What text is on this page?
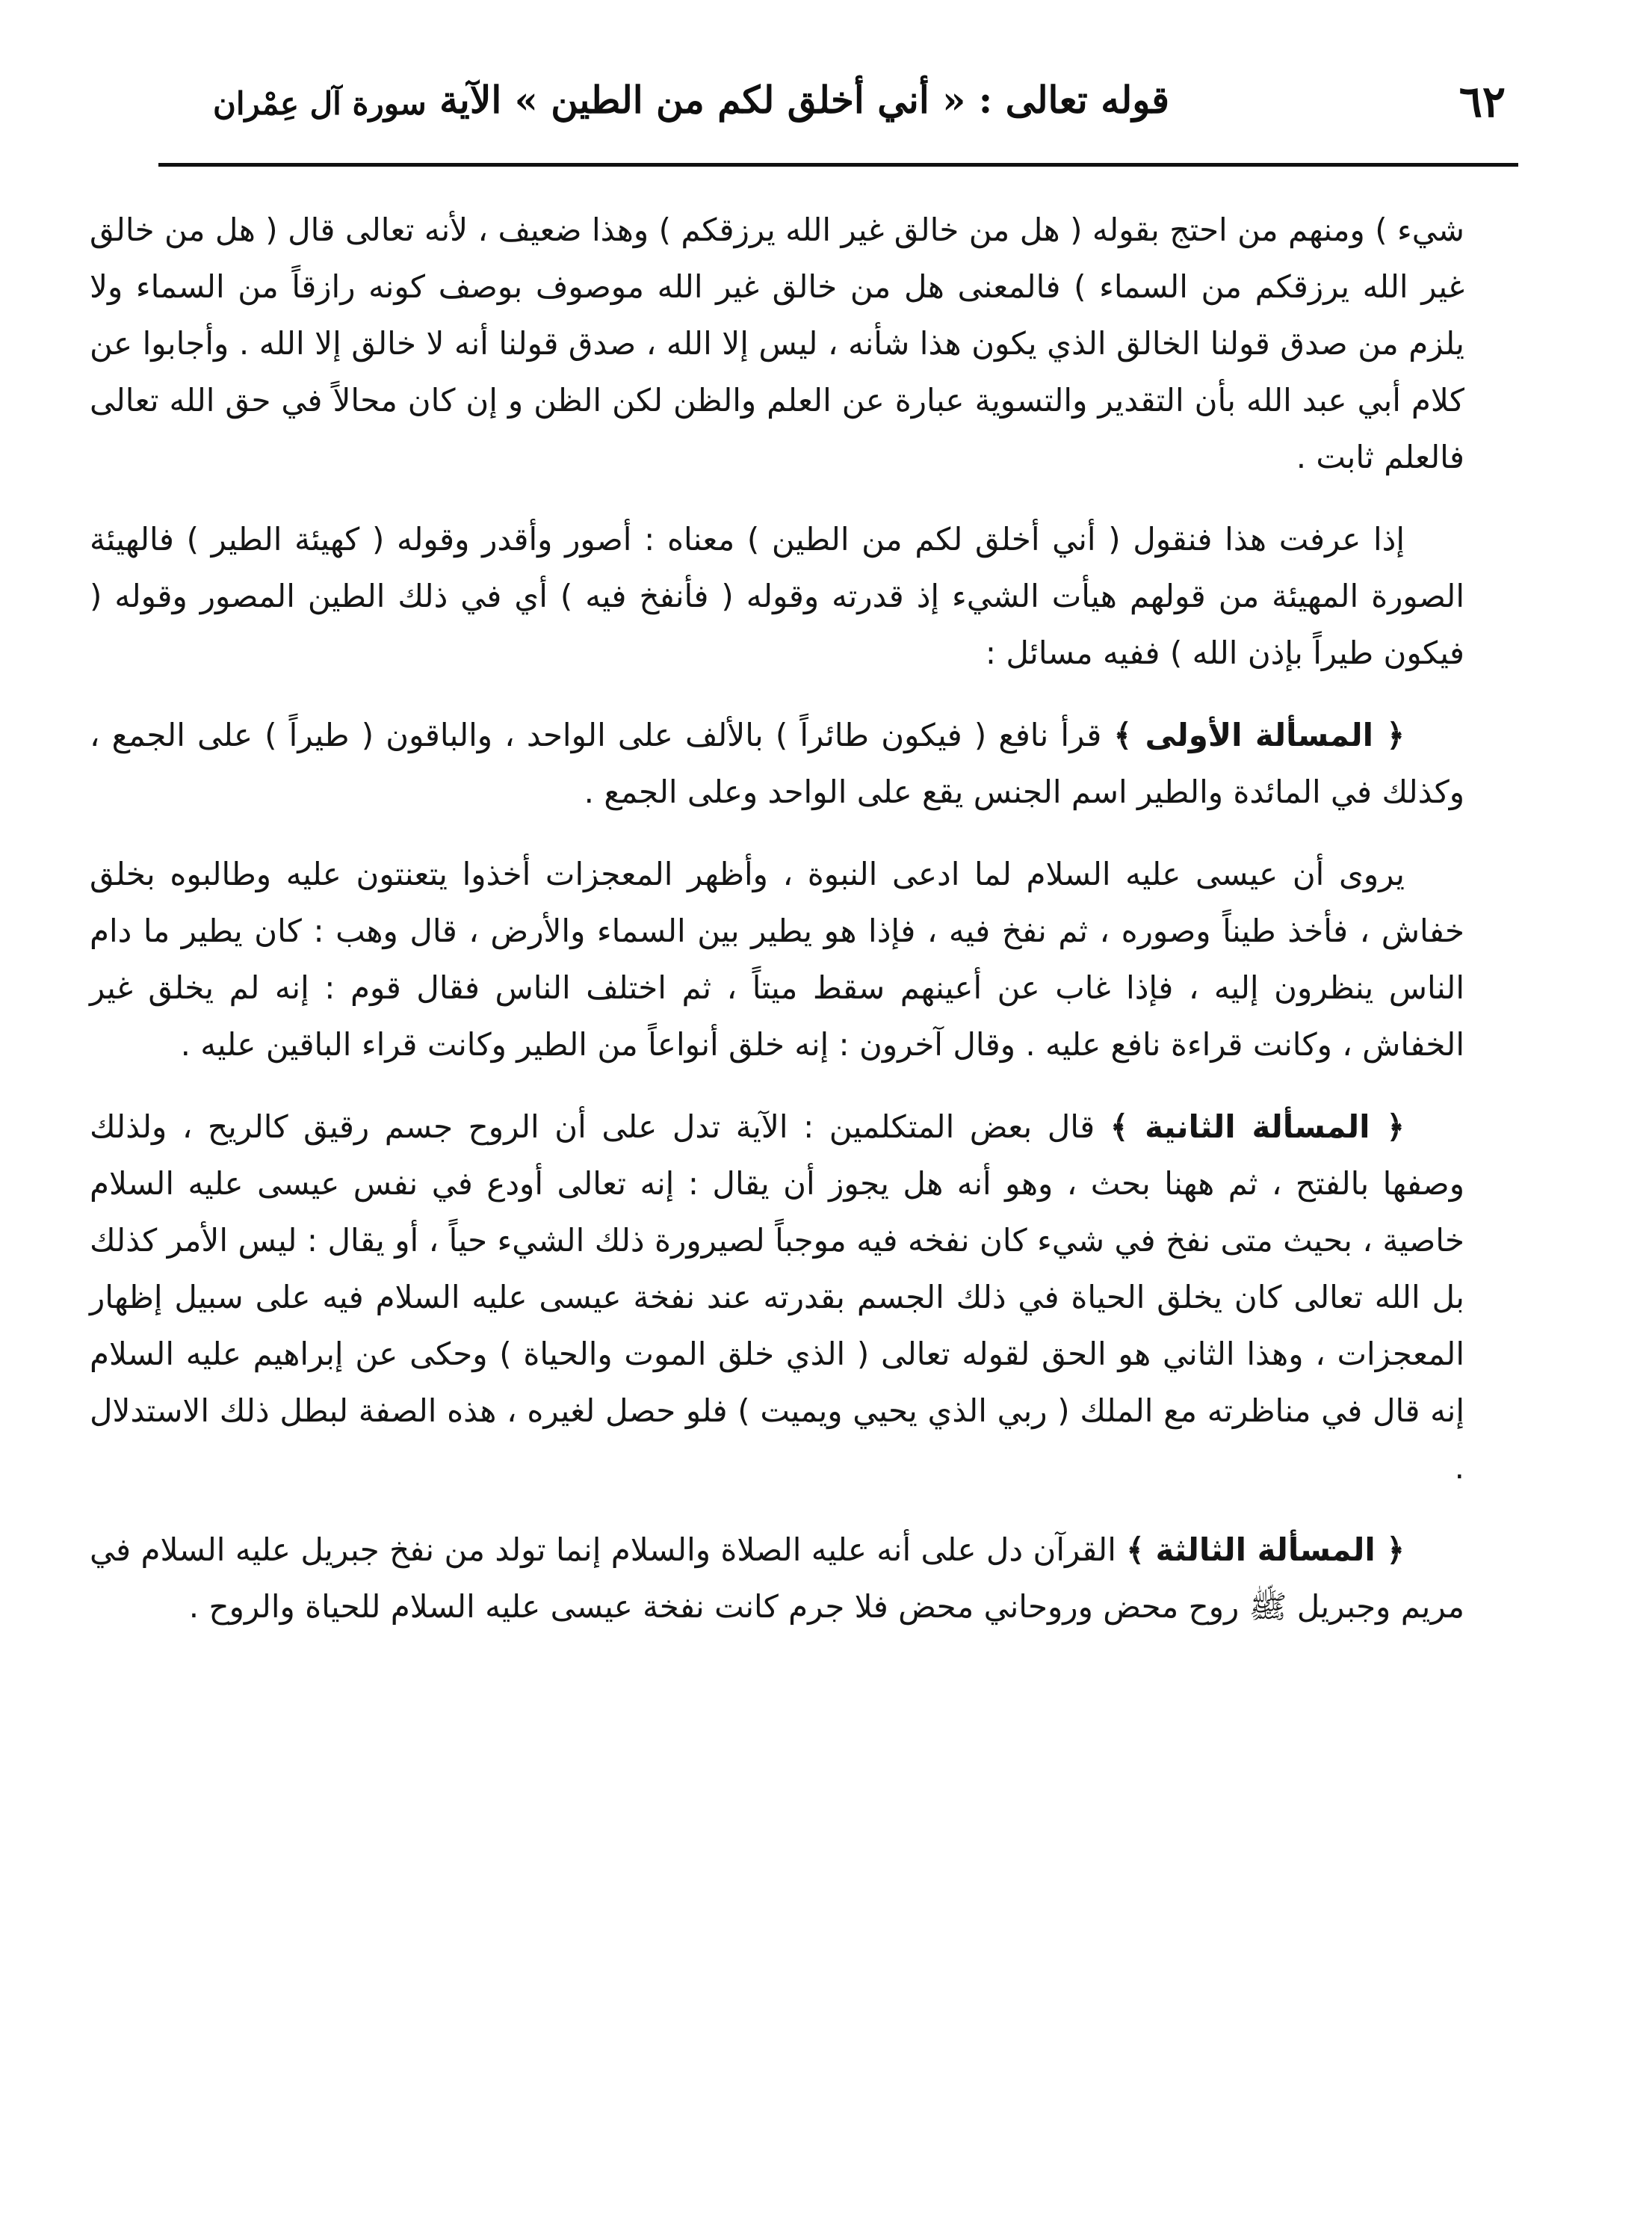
٦٢
قوله تعالى : « أني أخلق لكم من الطين » الآية
سورة آل عِمْران

شيء ) ومنهم من احتج بقوله ( هل من خالق غير الله يرزقكم ) وهذا ضعيف ، لأنه تعالى قال ( هل من خالق غير الله يرزقكم من السماء ) فالمعنى هل من خالق غير الله موصوف بوصف كونه رازقاً من السماء ولا يلزم من صدق قولنا الخالق الذي يكون هذا شأنه ، ليس إلا الله ، صدق قولنا أنه لا خالق إلا الله . وأجابوا عن كلام أبي عبد الله بأن التقدير والتسوية عبارة عن العلم والظن لكن الظن و إن كان محالاً في حق الله تعالى فالعلم ثابت .

إذا عرفت هذا فنقول ( أني أخلق لكم من الطين ) معناه : أصور وأقدر وقوله ( كهيئة الطير ) فالهيئة الصورة المهيئة من قولهم هيأت الشيء إذ قدرته وقوله ( فأنفخ فيه ) أي في ذلك الطين المصور وقوله ( فيكون طيراً بإذن الله ) ففيه مسائل :

﴿ المسألة الأولى ﴾ قرأ نافع ( فيكون طائراً ) بالألف على الواحد ، والباقون ( طيراً ) على الجمع ، وكذلك في المائدة والطير اسم الجنس يقع على الواحد وعلى الجمع .

يروى أن عيسى عليه السلام لما ادعى النبوة ، وأظهر المعجزات أخذوا يتعنتون عليه وطالبوه بخلق خفاش ، فأخذ طيناً وصوره ، ثم نفخ فيه ، فإذا هو يطير بين السماء والأرض ، قال وهب : كان يطير ما دام الناس ينظرون إليه ، فإذا غاب عن أعينهم سقط ميتاً ، ثم اختلف الناس فقال قوم : إنه لم يخلق غير الخفاش ، وكانت قراءة نافع عليه . وقال آخرون : إنه خلق أنواعاً من الطير وكانت قراء الباقين عليه .

﴿ المسألة الثانية ﴾ قال بعض المتكلمين : الآية تدل على أن الروح جسم رقيق كالريح ، ولذلك وصفها بالفتح ، ثم ههنا بحث ، وهو أنه هل يجوز أن يقال : إنه تعالى أودع في نفس عيسى عليه السلام خاصية ، بحيث متى نفخ في شيء كان نفخه فيه موجباً لصيرورة ذلك الشيء حياً ، أو يقال : ليس الأمر كذلك بل الله تعالى كان يخلق الحياة في ذلك الجسم بقدرته عند نفخة عيسى عليه السلام فيه على سبيل إظهار المعجزات ، وهذا الثاني هو الحق لقوله تعالى ( الذي خلق الموت والحياة ) وحكى عن إبراهيم عليه السلام إنه قال في مناظرته مع الملك ( ربي الذي يحيي ويميت ) فلو حصل لغيره ، هذه الصفة لبطل ذلك الاستدلال .

﴿ المسألة الثالثة ﴾ القرآن دل على أنه عليه الصلاة والسلام إنما تولد من نفخ جبريل عليه السلام في مريم وجبريل ﷺ روح محض وروحاني محض فلا جرم كانت نفخة عيسى عليه السلام للحياة والروح .
